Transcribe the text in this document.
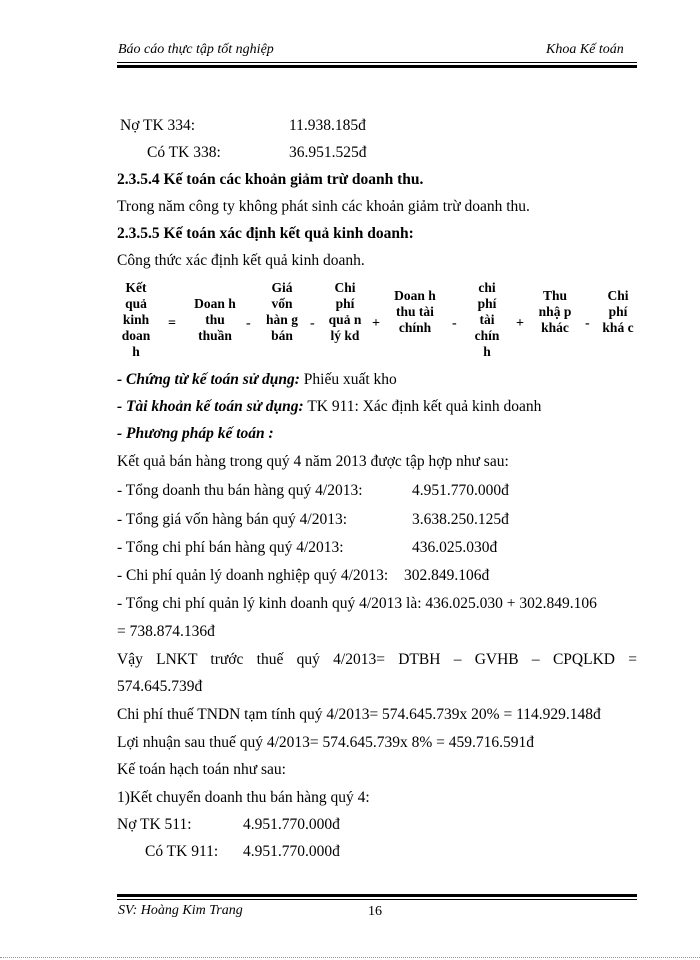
Báo cáo thực tập tốt nghiệp	Khoa Kế toán
Nợ TK 334:	11.938.185đ
Có TK 338:	36.951.525đ
2.3.5.4 Kế toán các khoản giảm trừ doanh thu.
Trong năm công ty không phát sinh các khoản giảm trừ doanh thu.
2.3.5.5 Kế toán xác định kết quả kinh doanh:
Công thức xác định kết quả kinh doanh.
Kết quả kinh doan h
=
Doan h thu thuần
-
Giá vốn hàn g bán
-
Chi phí quả n lý kd
+
Doan h thu tài chính	-
chi phí tài chín h
+
Thu nhậ p khác	-
Chi phí khá c
- Chứng từ kế toán sử dụng: Phiếu xuất kho
- Tài khoản kế toán sử dụng: TK 911: Xác định kết quả kinh doanh
- Phương pháp kế toán :
Kết quả bán hàng trong quý 4 năm 2013 được tập hợp như sau:
- Tổng doanh thu bán hàng quý 4/2013:	4.951.770.000đ
- Tổng giá vốn hàng bán quý 4/2013:	3.638.250.125đ
- Tổng chi phí bán hàng quý 4/2013:	436.025.030đ
- Chi phí quản lý doanh nghiệp quý 4/2013: 302.849.106đ
- Tổng chi phí quản lý kinh doanh quý 4/2013 là: 436.025.030 + 302.849.106
= 738.874.136đ
Vậy LNKT trước thuế quý 4/2013= DTBH – GVHB – CPQLKD =
574.645.739đ
Chi phí thuế TNDN tạm tính quý 4/2013= 574.645.739x 20% = 114.929.148đ
Lợi nhuận sau thuế quý 4/2013= 574.645.739x 8% = 459.716.591đ
Kế toán hạch toán như sau:
1)Kết chuyển doanh thu bán hàng quý 4:
Nợ TK 511:	4.951.770.000đ
Có TK 911: 4.951.770.000đ
SV: Hoàng Kim Trang	16
